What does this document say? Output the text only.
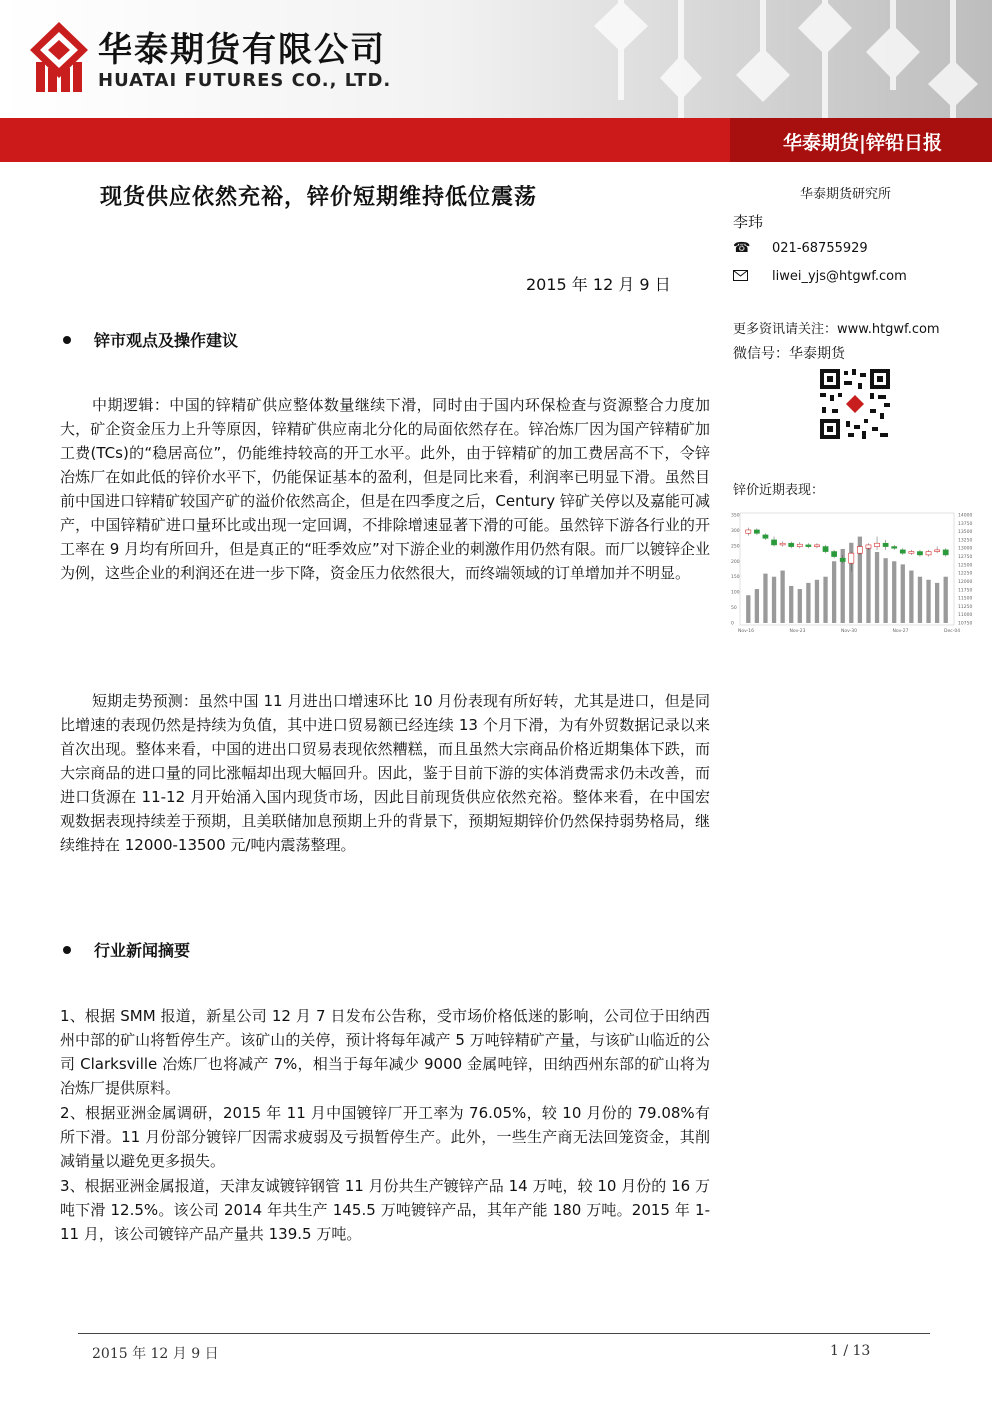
华泰期货|锌铅日报
华泰期货有限公司
HUATAI FUTURES CO., LTD.
现货供应依然充裕，锌价短期维持低位震荡
2015 年 12 月 9 日
锌市观点及操作建议
中期逻辑：中国的锌精矿供应整体数量继续下滑，同时由于国内环保检查与资源整合力度加大，矿企资金压力上升等原因，锌精矿供应南北分化的局面依然存在。锌冶炼厂因为国产锌精矿加工费(TCs)的“稳居高位”，仍能维持较高的开工水平。此外，由于锌精矿的加工费居高不下，令锌冶炼厂在如此低的锌价水平下，仍能保证基本的盈利，但是同比来看，利润率已明显下滑。虽然目前中国进口锌精矿较国产矿的溢价依然高企，但是在四季度之后，Century 锌矿关停以及嘉能可减产，中国锌精矿进口量环比或出现一定回调，不排除增速显著下滑的可能。虽然锌下游各行业的开工率在 9 月均有所回升，但是真正的“旺季效应”对下游企业的刺激作用仍然有限。而厂以镀锌企业为例，这些企业的利润还在进一步下降，资金压力依然很大，而终端领域的订单增加并不明显。
短期走势预测：虽然中国 11 月进出口增速环比 10 月份表现有所好转，尤其是进口，但是同比增速的表现仍然是持续为负值，其中进口贸易额已经连续 13 个月下滑，为有外贸数据记录以来首次出现。整体来看，中国的进出口贸易表现依然糟糕，而且虽然大宗商品价格近期集体下跌，而大宗商品的进口量的同比涨幅却出现大幅回升。因此，鉴于目前下游的实体消费需求仍未改善，而进口货源在 11-12 月开始涌入国内现货市场，因此目前现货供应依然充裕。整体来看，在中国宏观数据表现持续差于预期，且美联储加息预期上升的背景下，预期短期锌价仍然保持弱势格局，继续维持在 12000-13500 元/吨内震荡整理。
行业新闻摘要
1、根据 SMM 报道，新星公司 12 月 7 日发布公告称，受市场价格低迷的影响，公司位于田纳西州中部的矿山将暂停生产。该矿山的关停，预计将每年减产 5 万吨锌精矿产量，与该矿山临近的公司 Clarksville 冶炼厂也将减产 7%，相当于每年减少 9000 金属吨锌，田纳西州东部的矿山将为冶炼厂提供原料。
2、根据亚洲金属调研，2015 年 11 月中国镀锌厂开工率为 76.05%，较 10 月份的 79.08%有所下滑。11 月份部分镀锌厂因需求疲弱及亏损暂停生产。此外，一些生产商无法回笼资金，其削减销量以避免更多损失。
3、根据亚洲金属报道，天津友诚镀锌钢管 11 月份共生产镀锌产品 14 万吨，较 10 月份的 16 万吨下滑 12.5%。该公司 2014 年共生产 145.5 万吨镀锌产品，其年产能 180 万吨。2015 年 1-11 月，该公司镀锌产品产量共 139.5 万吨。
华泰期货研究所
李玮
☎ 021-68755929
liwei_yjs@htgwf.com
更多资讯请关注：www.htgwf.com
微信号：华泰期货
锌价近期表现：
350
300
250
200
150
100
50
0
14000
13750
13500
13250
13000
12750
12500
12250
12000
11750
11500
11250
11000
10750
Nov-16	Nov-23	Nov-30	Nov-27	Dec-04
2015 年 12 月 9 日	1 / 13
